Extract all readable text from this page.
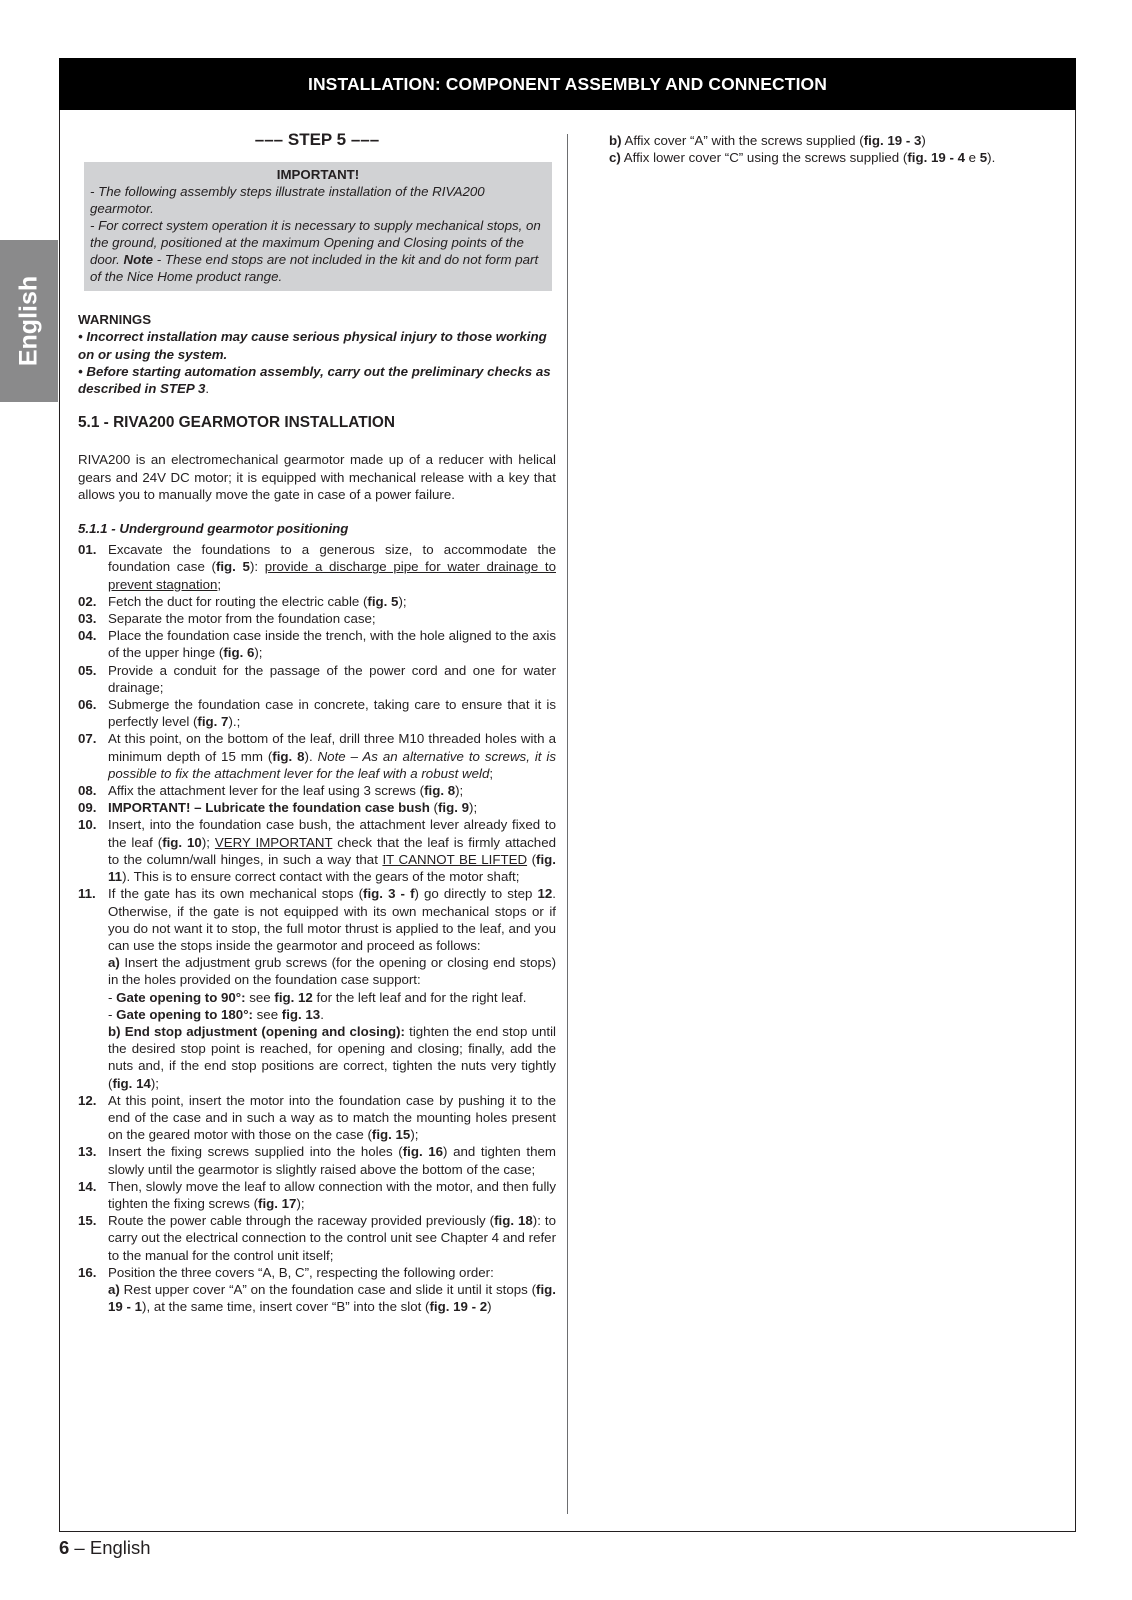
INSTALLATION: COMPONENT ASSEMBLY AND CONNECTION
English
––– STEP 5 –––
IMPORTANT!

- The following assembly steps illustrate installation of the RIVA200 gearmotor.

- For correct system operation it is necessary to supply mechanical stops, on the ground, positioned at the maximum Opening and Closing points of the door. Note - These end stops are not included in the kit and do not form part of the Nice Home product range.

WARNINGS

• Incorrect installation may cause serious physical injury to those working on or using the system.

• Before starting automation assembly, carry out the preliminary checks as described in STEP 3.

5.1 - RIVA200 GEARMOTOR INSTALLATION

RIVA200 is an electromechanical gearmotor made up of a reducer with helical gears and 24V DC motor; it is equipped with mechanical release with a key that allows you to manually move the gate in case of a power failure.

5.1.1 - Underground gearmotor positioning
01. Excavate the foundations to a generous size, to accommodate the foundation case (fig. 5): provide a discharge pipe for water drainage to prevent stagnation;
02. Fetch the duct for routing the electric cable (fig. 5);
03. Separate the motor from the foundation case;
04. Place the foundation case inside the trench, with the hole aligned to the axis of the upper hinge (fig. 6);
05. Provide a conduit for the passage of the power cord and one for water drainage;
06. Submerge the foundation case in concrete, taking care to ensure that it is perfectly level (fig. 7).;
07. At this point, on the bottom of the leaf, drill three M10 threaded holes with a minimum depth of 15 mm (fig. 8). Note – As an alternative to screws, it is possible to fix the attachment lever for the leaf with a robust weld;
08. Affix the attachment lever for the leaf using 3 screws (fig. 8);
09. IMPORTANT! – Lubricate the foundation case bush (fig. 9);
10. Insert, into the foundation case bush, the attachment lever already fixed to the leaf (fig. 10); VERY IMPORTANT check that the leaf is firmly attached to the column/wall hinges, in such a way that IT CANNOT BE LIFTED (fig. 11). This is to ensure correct contact with the gears of the motor shaft;
11. If the gate has its own mechanical stops (fig. 3 - f) go directly to step 12. Otherwise, if the gate is not equipped with its own mechanical stops or if you do not want it to stop, the full motor thrust is applied to the leaf, and you can use the stops inside the gearmotor and proceed as follows:
a) Insert the adjustment grub screws (for the opening or closing end stops) in the holes provided on the foundation case support:
- Gate opening to 90°: see fig. 12 for the left leaf and for the right leaf.
- Gate opening to 180°: see fig. 13.
b) End stop adjustment (opening and closing): tighten the end stop until the desired stop point is reached, for opening and closing; finally, add the nuts and, if the end stop positions are correct, tighten the nuts very tightly (fig. 14);
12. At this point, insert the motor into the foundation case by pushing it to the end of the case and in such a way as to match the mounting holes present on the geared motor with those on the case (fig. 15);
13. Insert the fixing screws supplied into the holes (fig. 16) and tighten them slowly until the gearmotor is slightly raised above the bottom of the case;
14. Then, slowly move the leaf to allow connection with the motor, and then fully tighten the fixing screws (fig. 17);
15. Route the power cable through the raceway provided previously (fig. 18): to carry out the electrical connection to the control unit see Chapter 4 and refer to the manual for the control unit itself;
16. Position the three covers “A, B, C”, respecting the following order:
a) Rest upper cover “A” on the foundation case and slide it until it stops (fig. 19 - 1), at the same time, insert cover “B” into the slot (fig. 19 - 2)

b) Affix cover “A” with the screws supplied (fig. 19 - 3)

c) Affix lower cover “C” using the screws supplied (fig. 19 - 4 e 5).

6 – English
